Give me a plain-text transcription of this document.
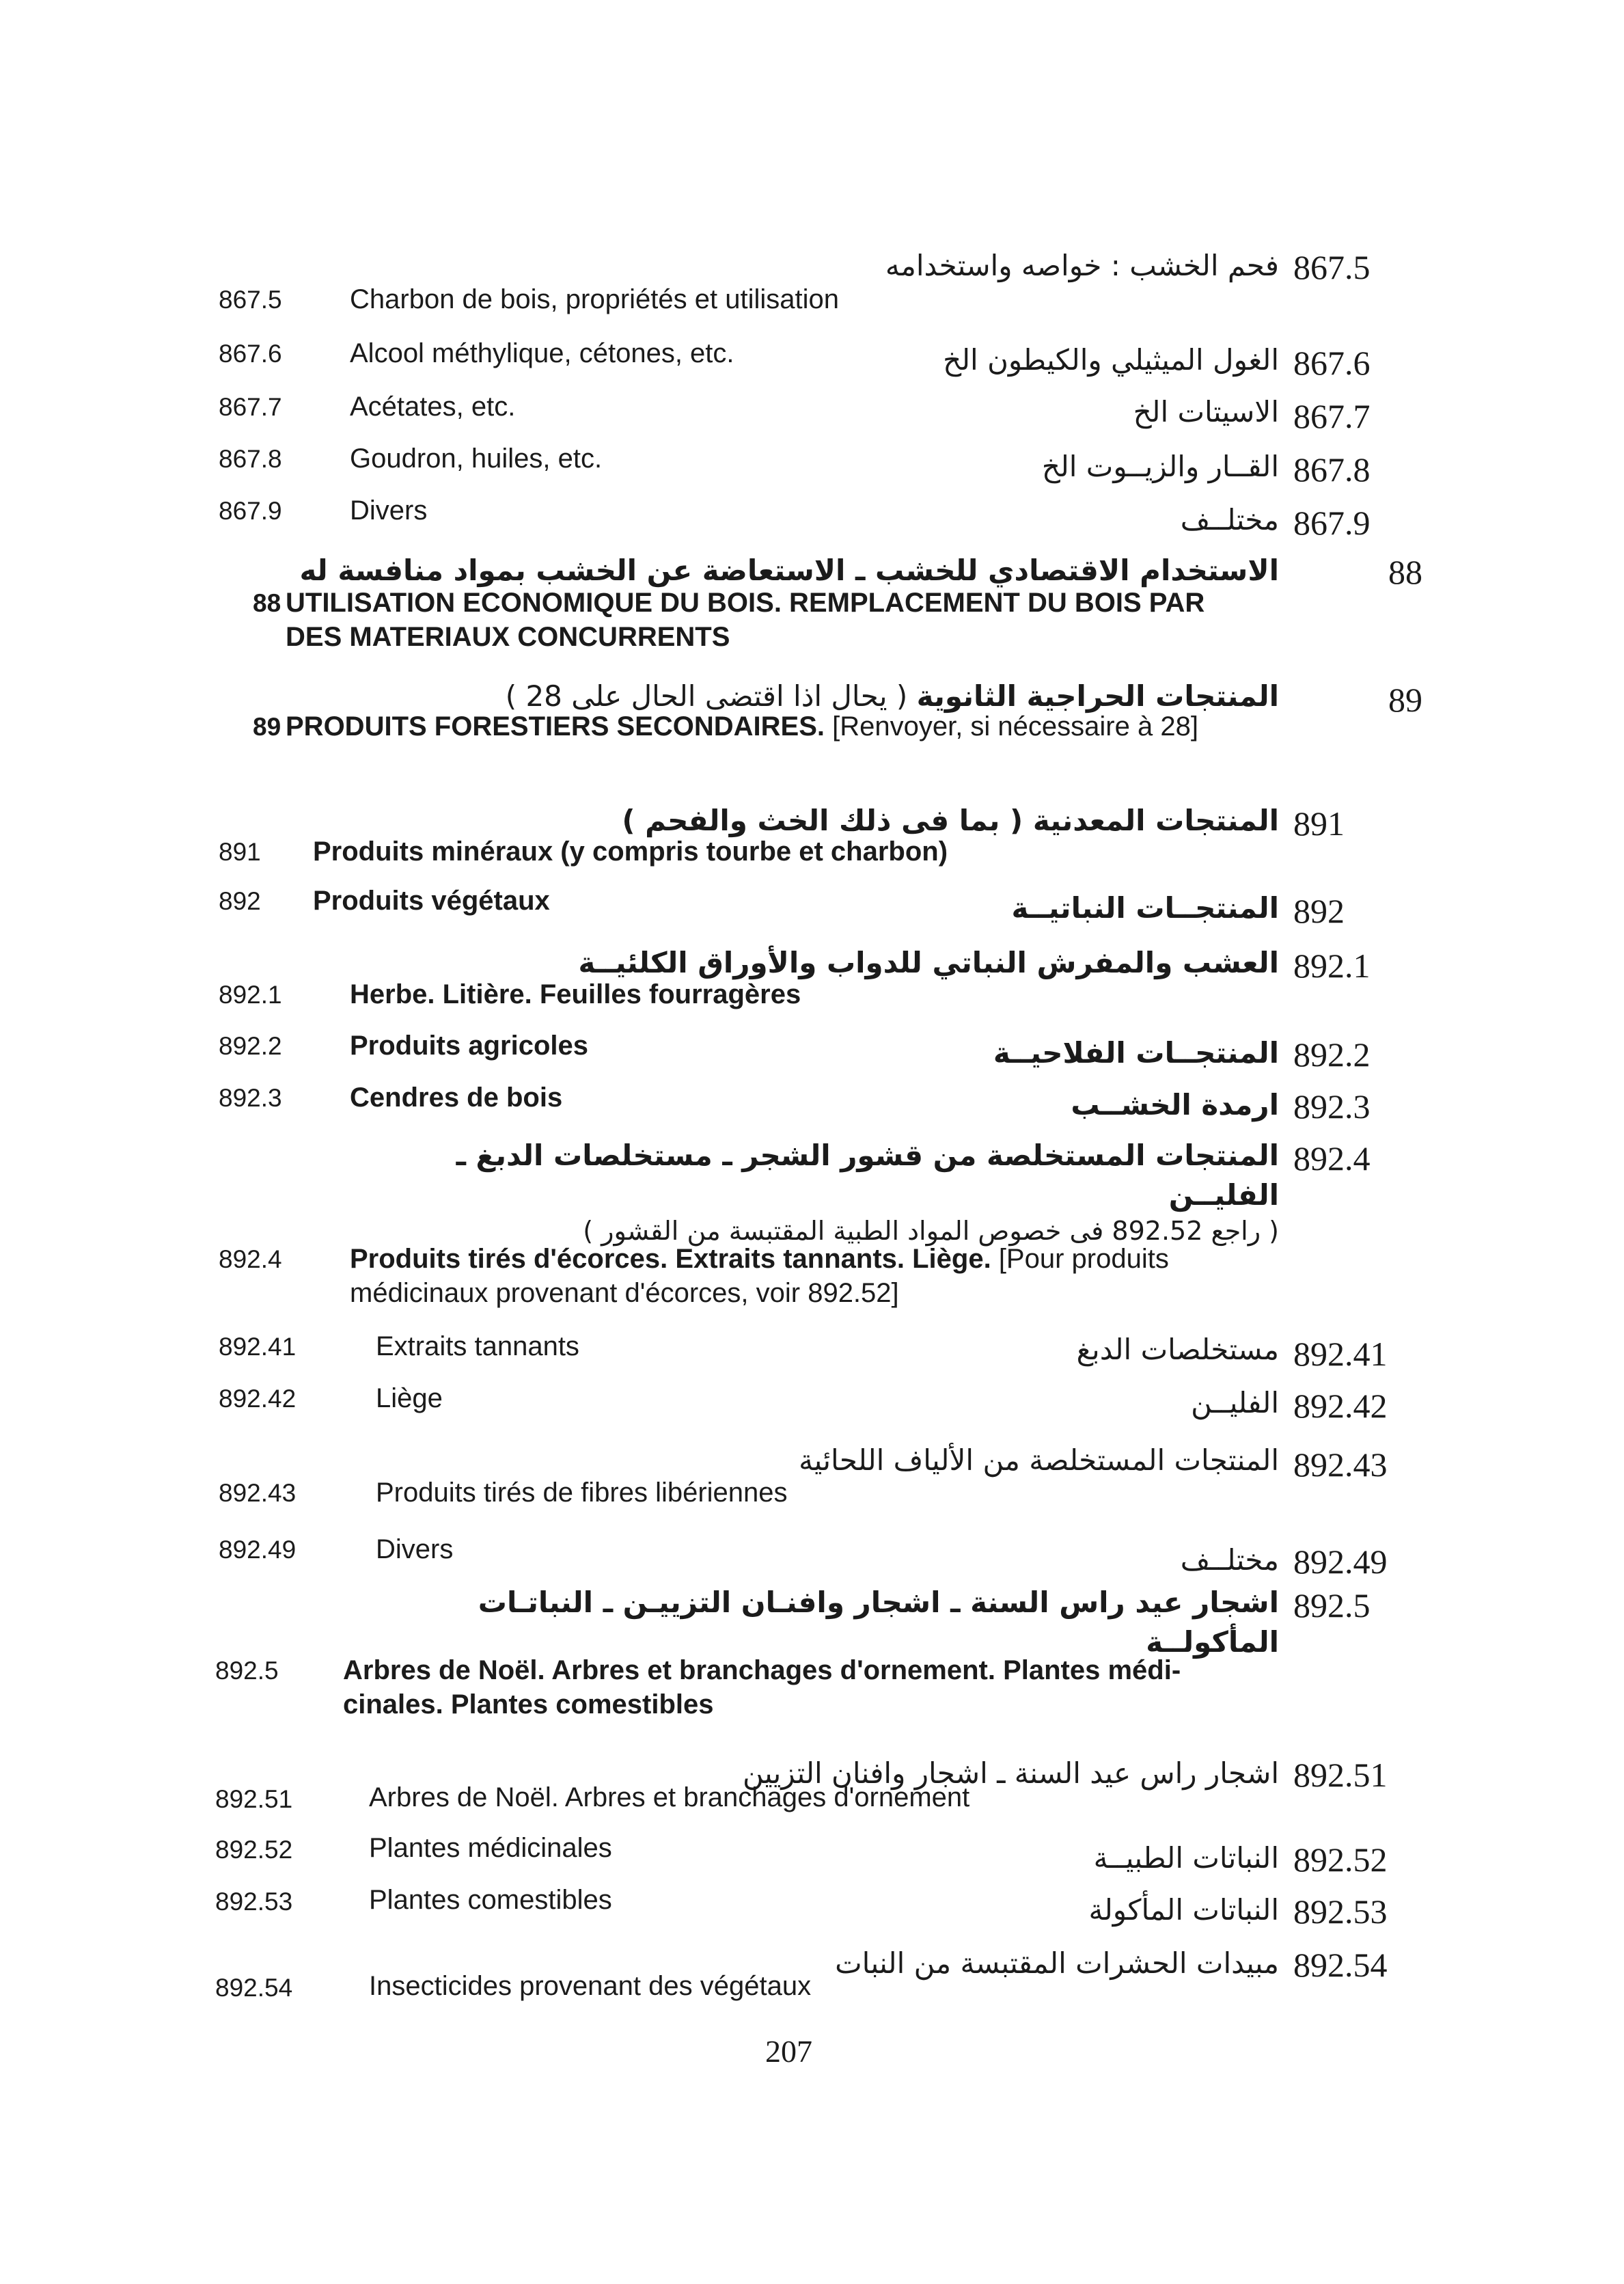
فحم الخشب : خواصه واستخدامه 867.5
867.5 Charbon de bois, propriétés et utilisation
الغول الميثيلي والكيطون الخ 867.6
867.6 Alcool méthylique, cétones, etc.
الاسيتات الخ 867.7
867.7 Acétates, etc.
القــار والزيــوت الخ 867.8
867.8 Goudron, huiles, etc.
مختلــف 867.9
867.9 Divers
الاستخدام الاقتصادي للخشب ـ الاستعاضة عن الخشب بمواد منافسة له	88
88 UTILISATION ECONOMIQUE DU BOIS. REMPLACEMENT DU BOIS PAR DES MATERIAUX CONCURRENTS
المنتجات الحراجية الثانوية ( يحال اذا اقتضى الحال على 28 )	89
89 PRODUITS FORESTIERS SECONDAIRES. [Renvoyer, si nécessaire à 28]
المنتجات المعدنية ( بما فى ذلك الخث والفحم ) 891
891 Produits minéraux (y compris tourbe et charbon)
المنتجــات النباتيــة 892
892 Produits végétaux
العشب والمفرش النباتي للدواب والأوراق الكلئيــة 892.1
892.1 Herbe. Litière. Feuilles fourragères
المنتجــات الفلاحيــة 892.2
892.2 Produits agricoles
ارمدة الخشــب 892.3
892.3 Cendres de bois
المنتجات المستخلصة من قشور الشجر ـ مستخلصات الدبغ ـ الفليــن
892.4
( راجع 892.52 فى خصوص المواد الطبية المقتبسة من القشور )
892.4 Produits tirés d'écorces. Extraits tannants. Liège. [Pour produits médicinaux provenant d'écorces, voir 892.52]
مستخلصات الدبغ 892.41
892.41	Extraits tannants
الفليــن 892.42
892.42	Liège
المنتجات المستخلصة من الألياف اللحائية 892.43
892.43	Produits tirés de fibres libériennes
مختلــف 892.49
892.49	Divers
اشجار عيد راس السنة ـ اشجار وافنـان التزييـن ـ النباتـات المأكولــة
892.5
892.5 Arbres de Noël. Arbres et branchages d'ornement. Plantes médi-cinales. Plantes comestibles
اشجار راس عيد السنة ـ اشجار وافنان التزيين 892.51
892.51	Arbres de Noël. Arbres et branchages d'ornement
النباتات الطبيــة 892.52
892.52	Plantes médicinales
النباتات المأكولة 892.53
892.53	Plantes comestibles
مبيدات الحشرات المقتبسة من النبات 892.54
892.54	Insecticides provenant des végétaux
207
